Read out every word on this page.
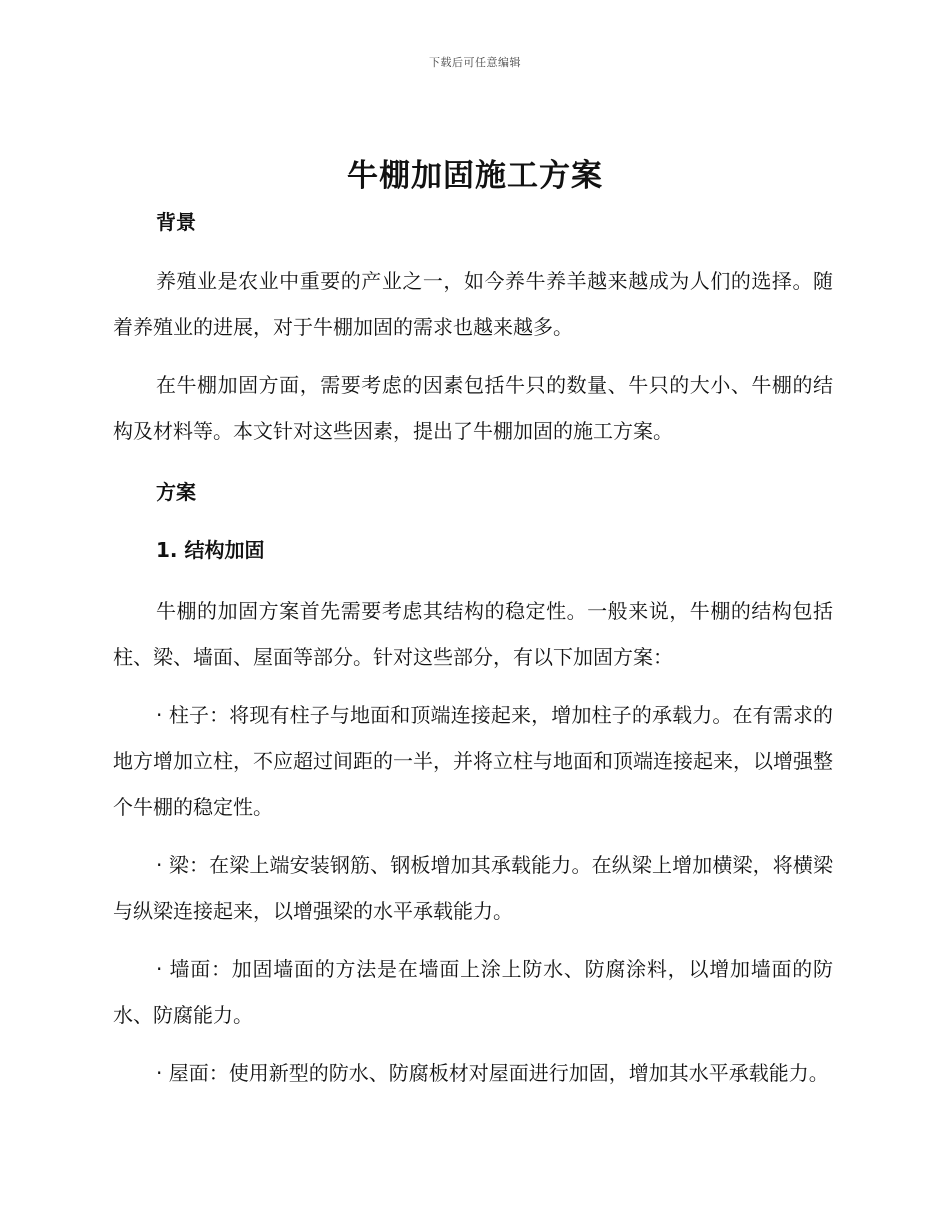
下载后可任意编辑
牛棚加固施工方案
背景

养殖业是农业中重要的产业之一，如今养牛养羊越来越成为人们的选择。随着养殖业的进展，对于牛棚加固的需求也越来越多。

在牛棚加固方面，需要考虑的因素包括牛只的数量、牛只的大小、牛棚的结构及材料等。本文针对这些因素，提出了牛棚加固的施工方案。

方案
1. 结构加固

牛棚的加固方案首先需要考虑其结构的稳定性。一般来说，牛棚的结构包括柱、梁、墙面、屋面等部分。针对这些部分，有以下加固方案：

· 柱子：将现有柱子与地面和顶端连接起来，增加柱子的承载力。在有需求的地方增加立柱，不应超过间距的一半，并将立柱与地面和顶端连接起来，以增强整个牛棚的稳定性。

· 梁：在梁上端安装钢筋、钢板增加其承载能力。在纵梁上增加横梁，将横梁与纵梁连接起来，以增强梁的水平承载能力。

· 墙面：加固墙面的方法是在墙面上涂上防水、防腐涂料，以增加墙面的防水、防腐能力。

· 屋面：使用新型的防水、防腐板材对屋面进行加固，增加其水平承载能力。
